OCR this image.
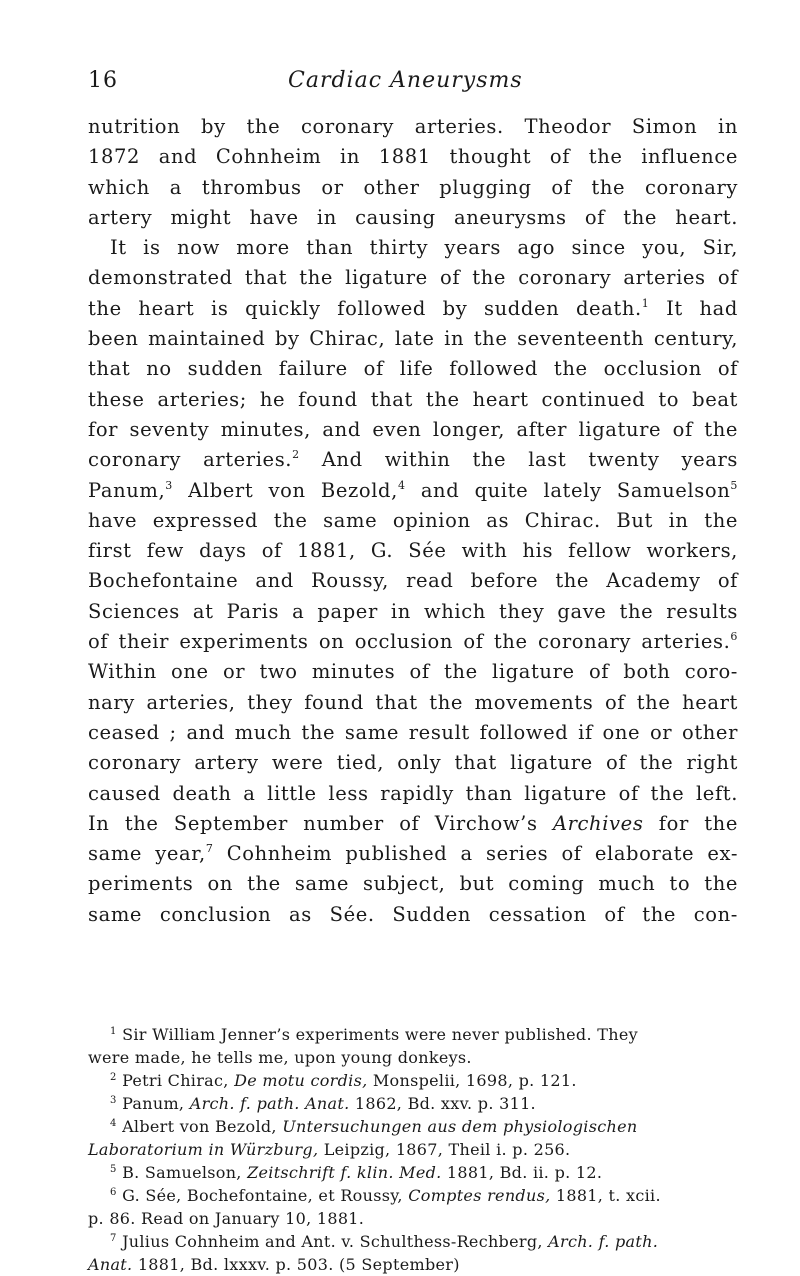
16	Cardiac Aneurysms
nutrition by the coronary arteries. Theodor Simon in
1872 and Cohnheim in 1881 thought of the influence
which a thrombus or other plugging of the coronary
artery might have in causing aneurysms of the heart.
It is now more than thirty years ago since you, Sir,
demonstrated that the ligature of the coronary arteries of
the heart is quickly followed by sudden death.$^1$ It had
been maintained by Chirac, late in the seventeenth century,
that no sudden failure of life followed the occlusion of
these arteries; he found that the heart continued to beat
for seventy minutes, and even longer, after ligature of the
coronary arteries.$^2$ And within the last twenty years
Panum,$^3$ Albert von Bezold,$^4$ and quite lately Samuelson$^5$
have expressed the same opinion as Chirac. But in the
first few days of 1881, G. Sée with his fellow workers,
Bochefontaine and Roussy, read before the Academy of
Sciences at Paris a paper in which they gave the results
of their experiments on occlusion of the coronary arteries.$^6$
Within one or two minutes of the ligature of both coro-
nary arteries, they found that the movements of the heart
ceased ; and much the same result followed if one or other
coronary artery were tied, only that ligature of the right
caused death a little less rapidly than ligature of the left.
In the September number of Virchow’s Archives for the
same year,$^7$ Cohnheim published a series of elaborate ex-
periments on the same subject, but coming much to the
same conclusion as Sée. Sudden cessation of the con-
$^1$ Sir William Jenner’s experiments were never published. They
were made, he tells me, upon young donkeys.
$^2$ Petri Chirac, De motu cordis, Monspelii, 1698, p. 121.
$^3$ Panum, Arch. f. path. Anat. 1862, Bd. xxv. p. 311.
$^4$ Albert von Bezold, Untersuchungen aus dem physiologischen
Laboratorium in Würzburg, Leipzig, 1867, Theil i. p. 256.
$^5$ B. Samuelson, Zeitschrift f. klin. Med. 1881, Bd. ii. p. 12.
$^6$ G. Sée, Bochefontaine, et Roussy, Comptes rendus, 1881, t. xcii.
p. 86. Read on January 10, 1881.
$^7$ Julius Cohnheim and Ant. v. Schulthess-Rechberg, Arch. f. path.
Anat. 1881, Bd. lxxxv. p. 503. (5 September)
